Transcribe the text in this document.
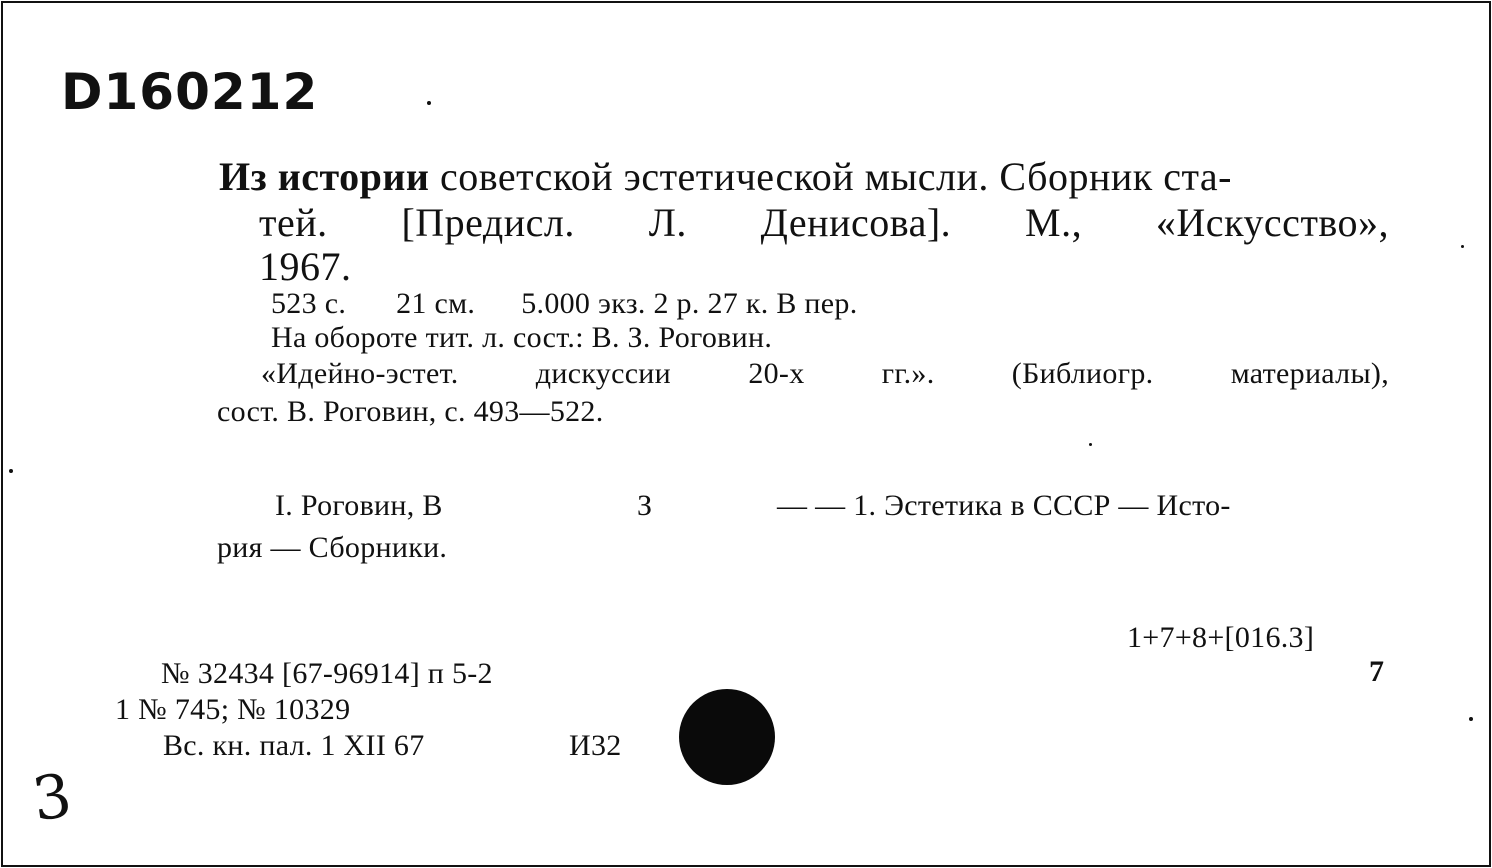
D160212
Из истории советской эстетической мысли. Сборник ста-
тей. [Предисл. Л. Денисова]. М., «Искусство»,
1967.
523 с. 21 см. 5.000 экз. 2 р. 27 к. В пер.
На обороте тит. л. сост.: В. З. Роговин.
«Идейно-эстет.	дискуссии	20-х гг.».	(Библиогр.	материалы),
сост. В. Роговин, с. 493—522.
I. Роговин, В	З	— — 1. Эстетика в СССР — Исто-
рия — Сборники.
1+7+8+[016.3]
7
№ 32434 [67-96914] п 5-2
1 № 745; № 10329
Вс. кн. пал. 1 XII 67	И32
3
